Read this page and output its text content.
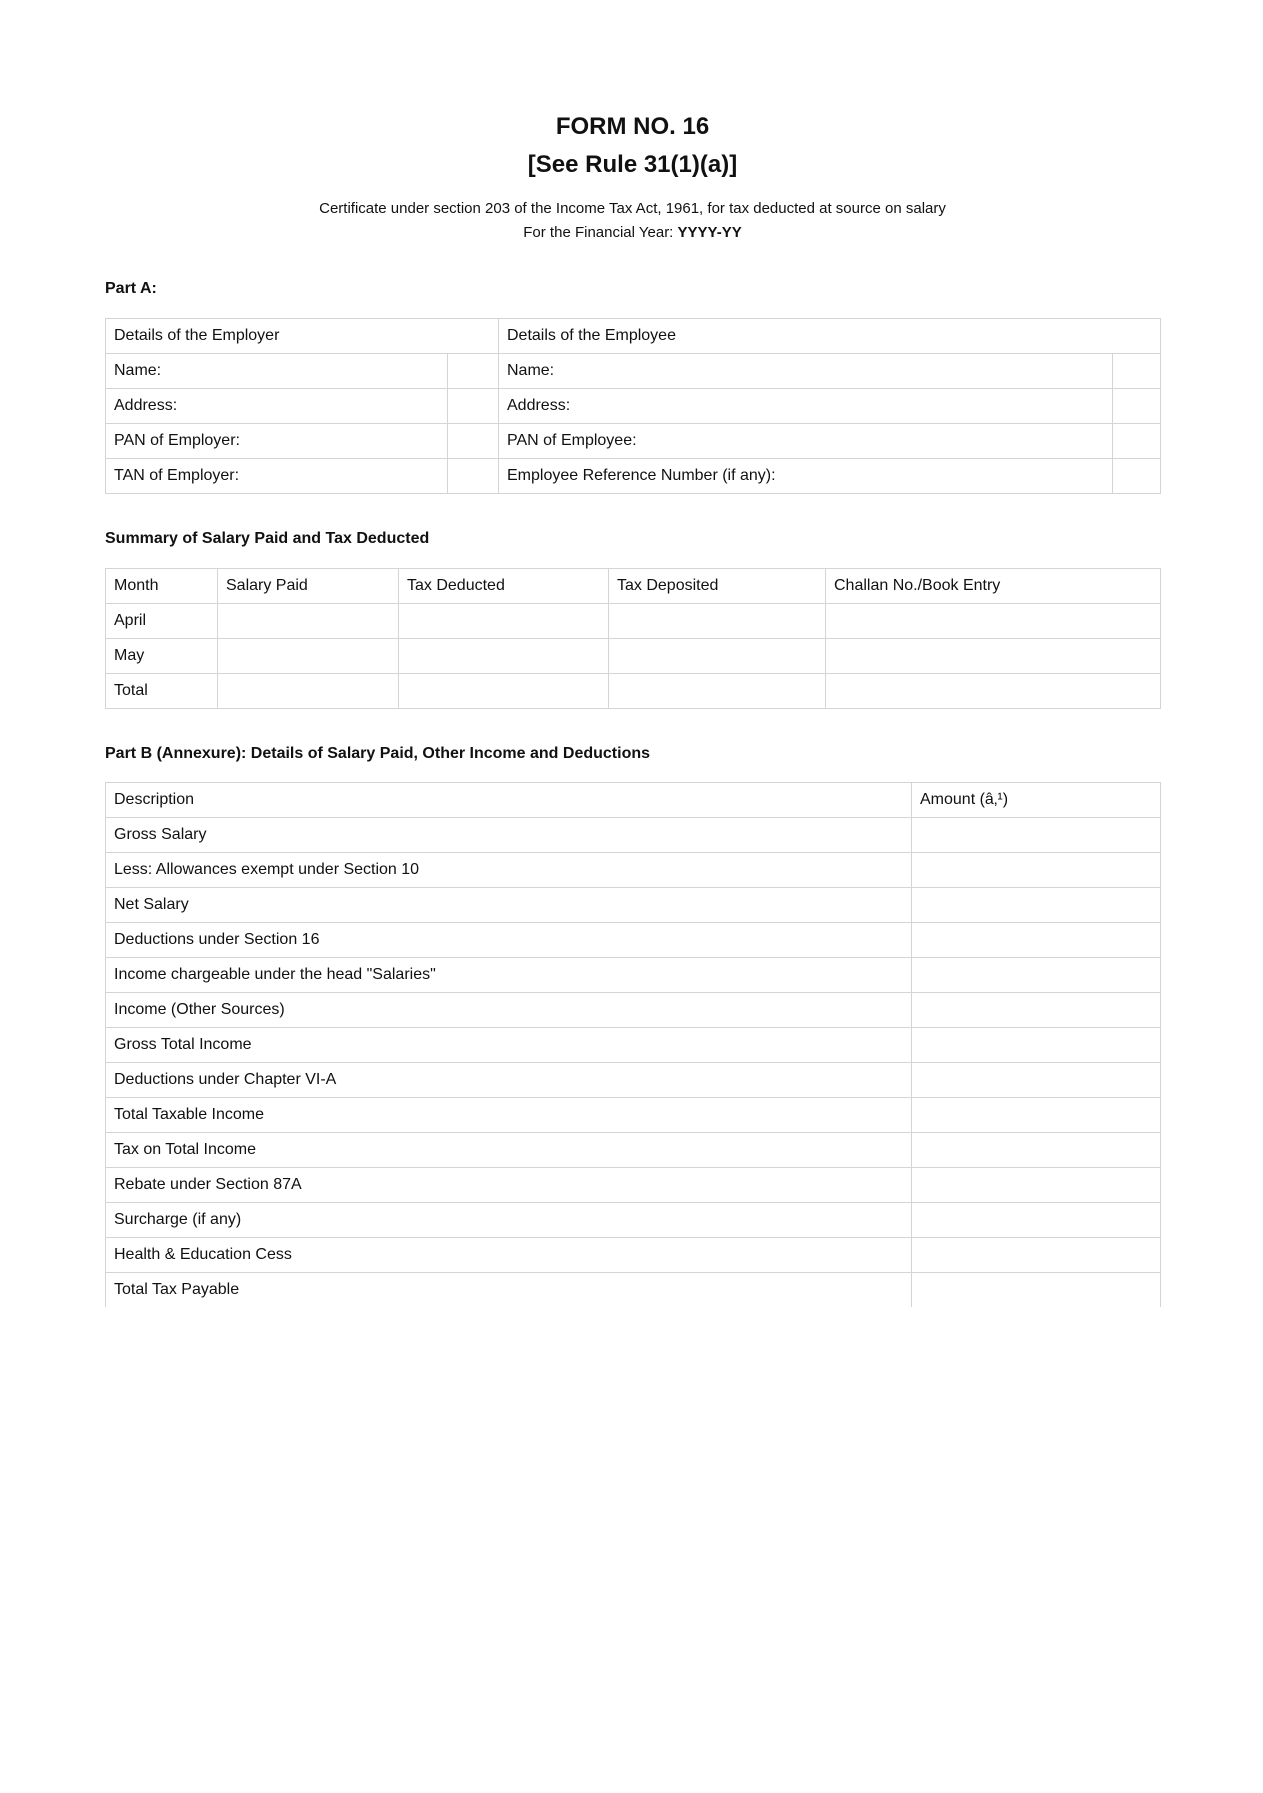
FORM NO. 16
[See Rule 31(1)(a)]
Certificate under section 203 of the Income Tax Act, 1961, for tax deducted at source on salary
For the Financial Year: YYYY-YY
Part A:
Details of the Employer		Details of the Employee	
Name:		Name:	
Address:		Address:	
PAN of Employer:		PAN of Employee:	
TAN of Employer:		Employee Reference Number (if any):	
Summary of Salary Paid and Tax Deducted
Month	Salary Paid	Tax Deducted	Tax Deposited	Challan No./Book Entry
April				
May				
Total				
Part B (Annexure): Details of Salary Paid, Other Income and Deductions
Description	Amount (â‚¹)
Gross Salary	
Less: Allowances exempt under Section 10	
Net Salary	
Deductions under Section 16	
Income chargeable under the head "Salaries"	
Income (Other Sources)	
Gross Total Income	
Deductions under Chapter VI-A	
Total Taxable Income	
Tax on Total Income	
Rebate under Section 87A	
Surcharge (if any)	
Health & Education Cess	
Total Tax Payable	
